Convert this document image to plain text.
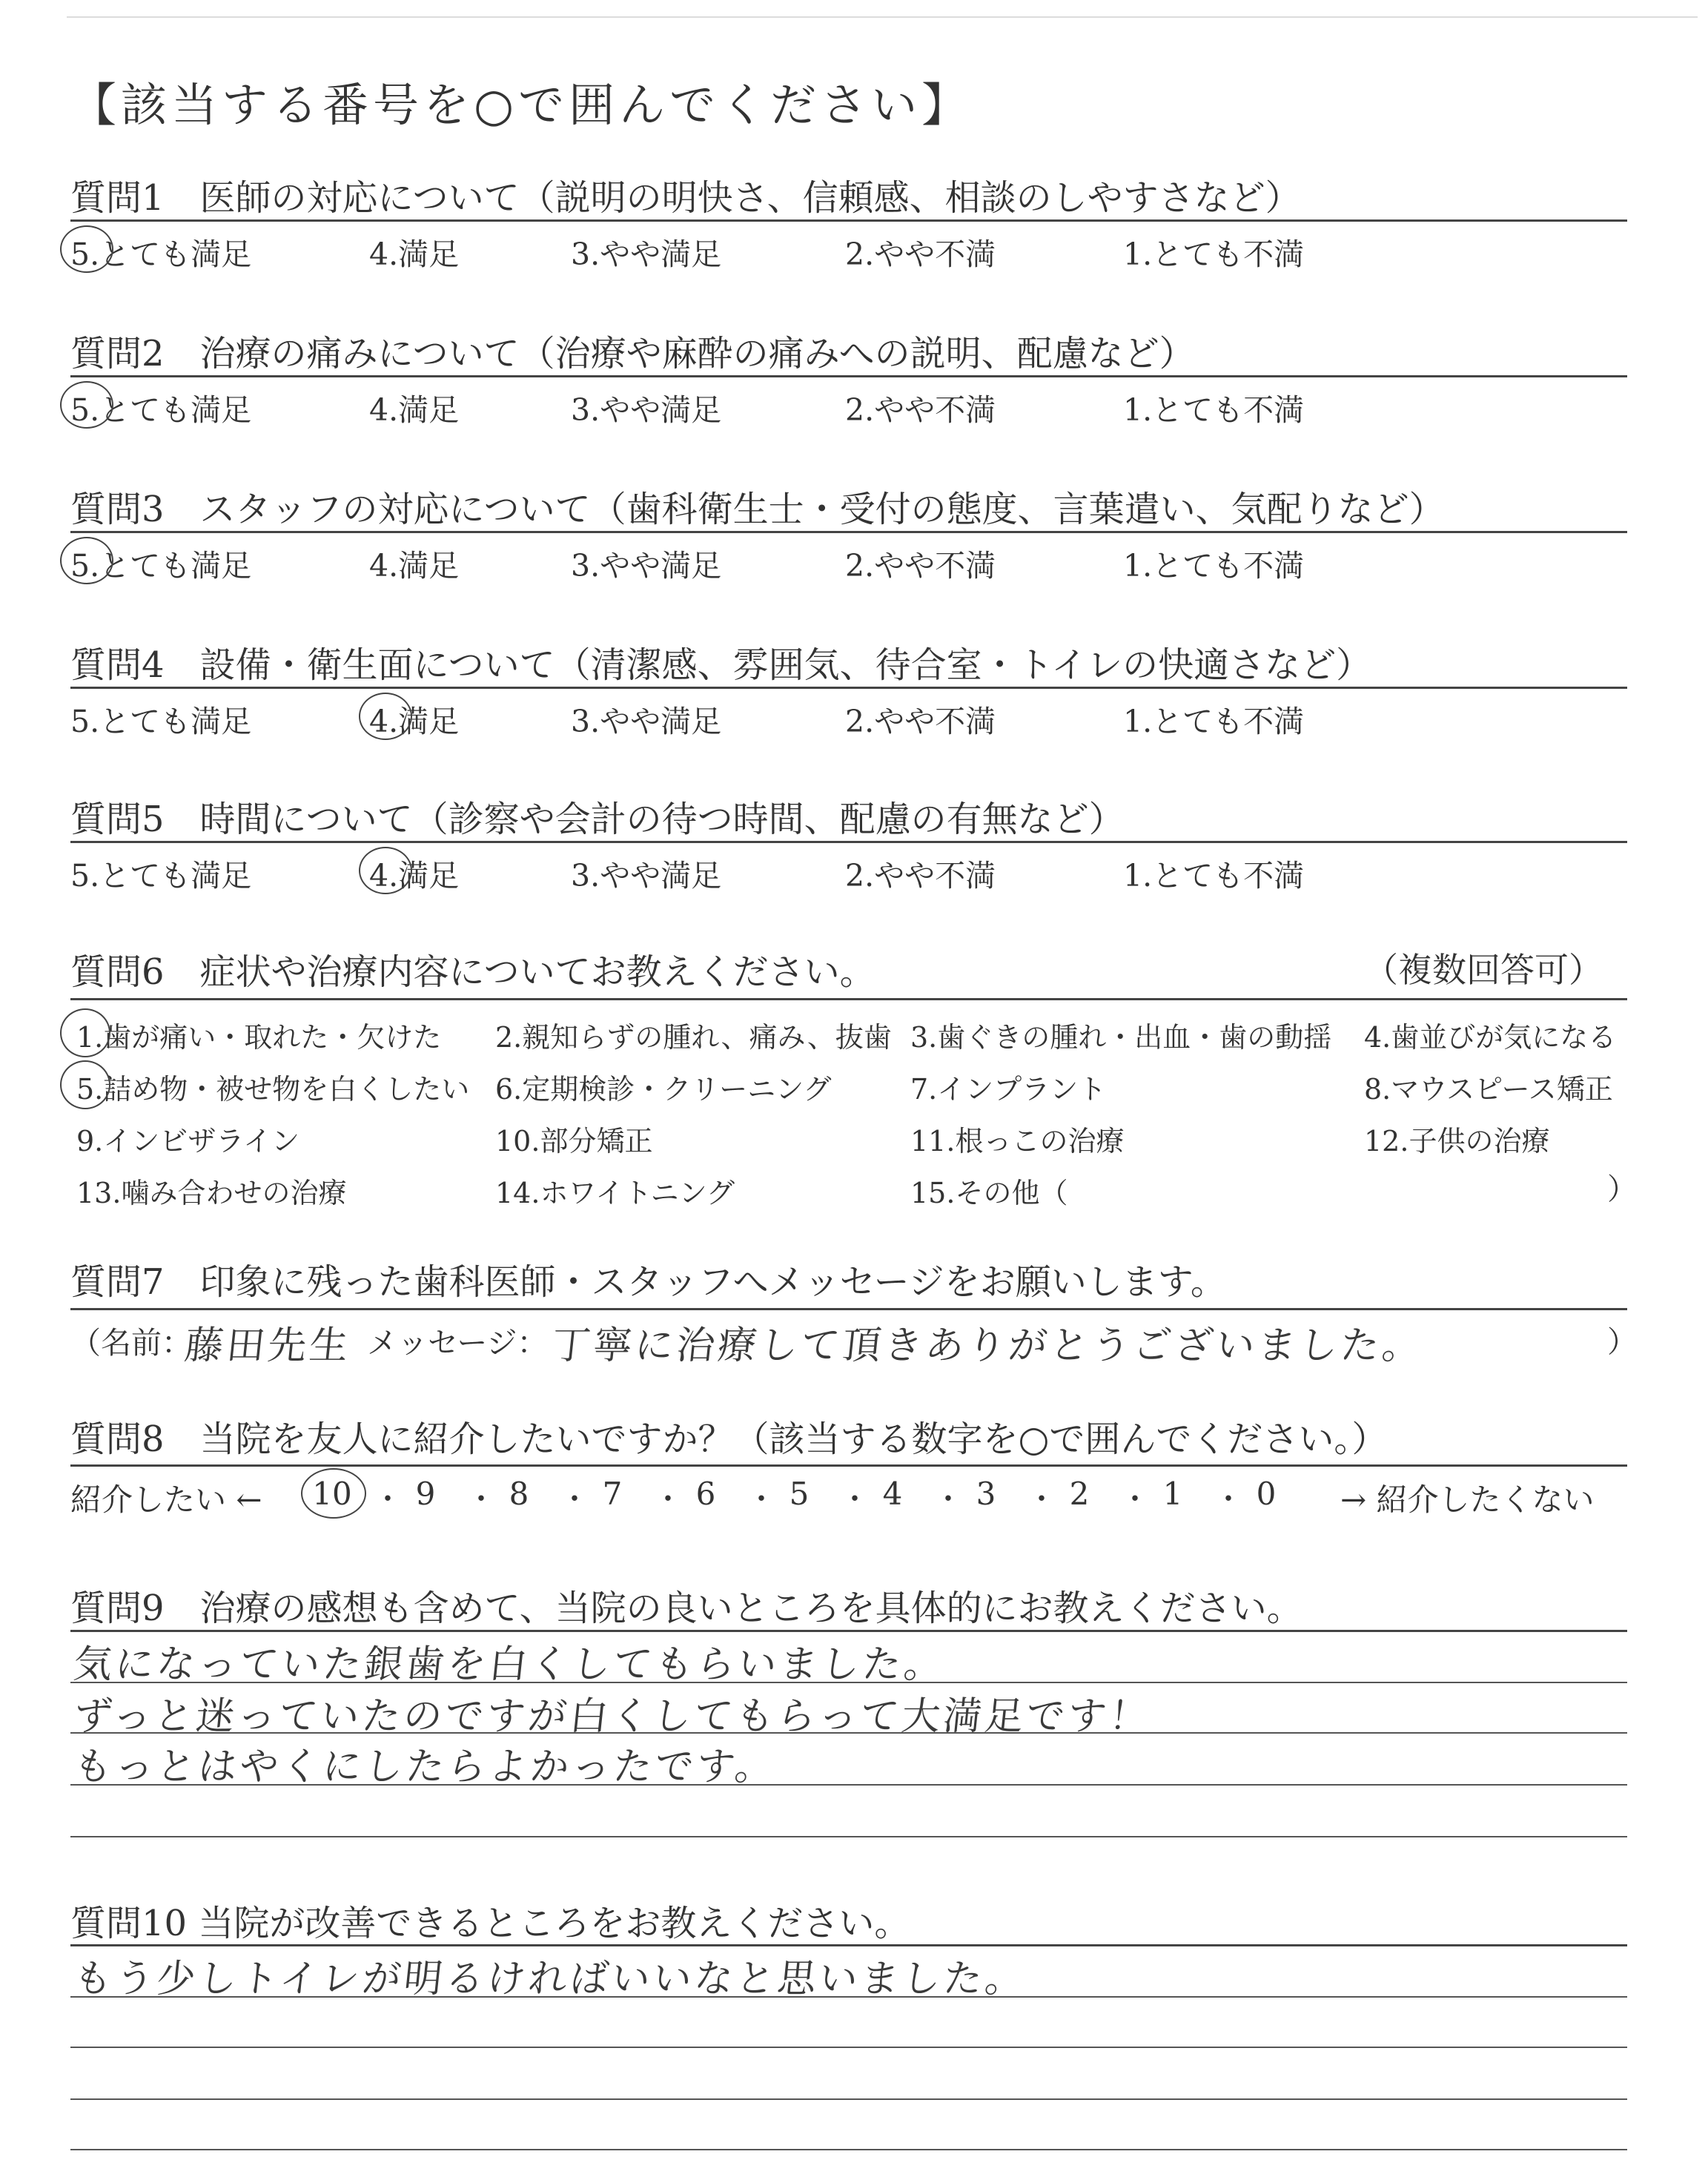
【該当する番号を○で囲んでください】
質問1　医師の対応について（説明の明快さ、信頼感、相談のしやすさなど）
5.とても満足	4.満足	3.やや満足	2.やや不満	1.とても不満
質問2　治療の痛みについて（治療や麻酔の痛みへの説明、配慮など）
5.とても満足	4.満足	3.やや満足	2.やや不満	1.とても不満
質問3　スタッフの対応について（歯科衛生士・受付の態度、言葉遣い、気配りなど）
5.とても満足	4.満足	3.やや満足	2.やや不満	1.とても不満
質問4　設備・衛生面について（清潔感、雰囲気、待合室・トイレの快適さなど）
5.とても満足	4.満足	3.やや満足	2.やや不満	1.とても不満
質問5　時間について（診察や会計の待つ時間、配慮の有無など）
5.とても満足	4.満足	3.やや満足	2.やや不満	1.とても不満
質問6　症状や治療内容についてお教えください。	（複数回答可）
1.歯が痛い・取れた・欠けた 2.親知らずの腫れ、痛み、抜歯 3.歯ぐきの腫れ・出血・歯の動揺 4.歯並びが気になる
5.詰め物・被せ物を白くしたい 6.定期検診・クリーニング	7.インプラント	8.マウスピース矯正
9.インビザライン	10.部分矯正	11.根っこの治療	12.子供の治療
13.噛み合わせの治療	14.ホワイトニング	15.その他（	）
質問7　印象に残った歯科医師・スタッフへメッセージをお願いします。
（名前：
藤田先生 メッセージ： 丁寧に治療して頂きありがとうございました。	）
質問8　当院を友人に紹介したいですか？（該当する数字を○で囲んでください。）
紹介したい ←	→ 紹介したくない
10 ・ 9	・ 8	・ 7	・ 6	・ 5	・ 4	・ 3	・ 2	・ 1	・ 0
質問9　治療の感想も含めて、当院の良いところを具体的にお教えください。
気になっていた銀歯を白くしてもらいました。
ずっと迷っていたのですが白くしてもらって大満足です！
もっとはやくにしたらよかったです。
質問10 当院が改善できるところをお教えください。
もう少しトイレが明るければいいなと思いました。
